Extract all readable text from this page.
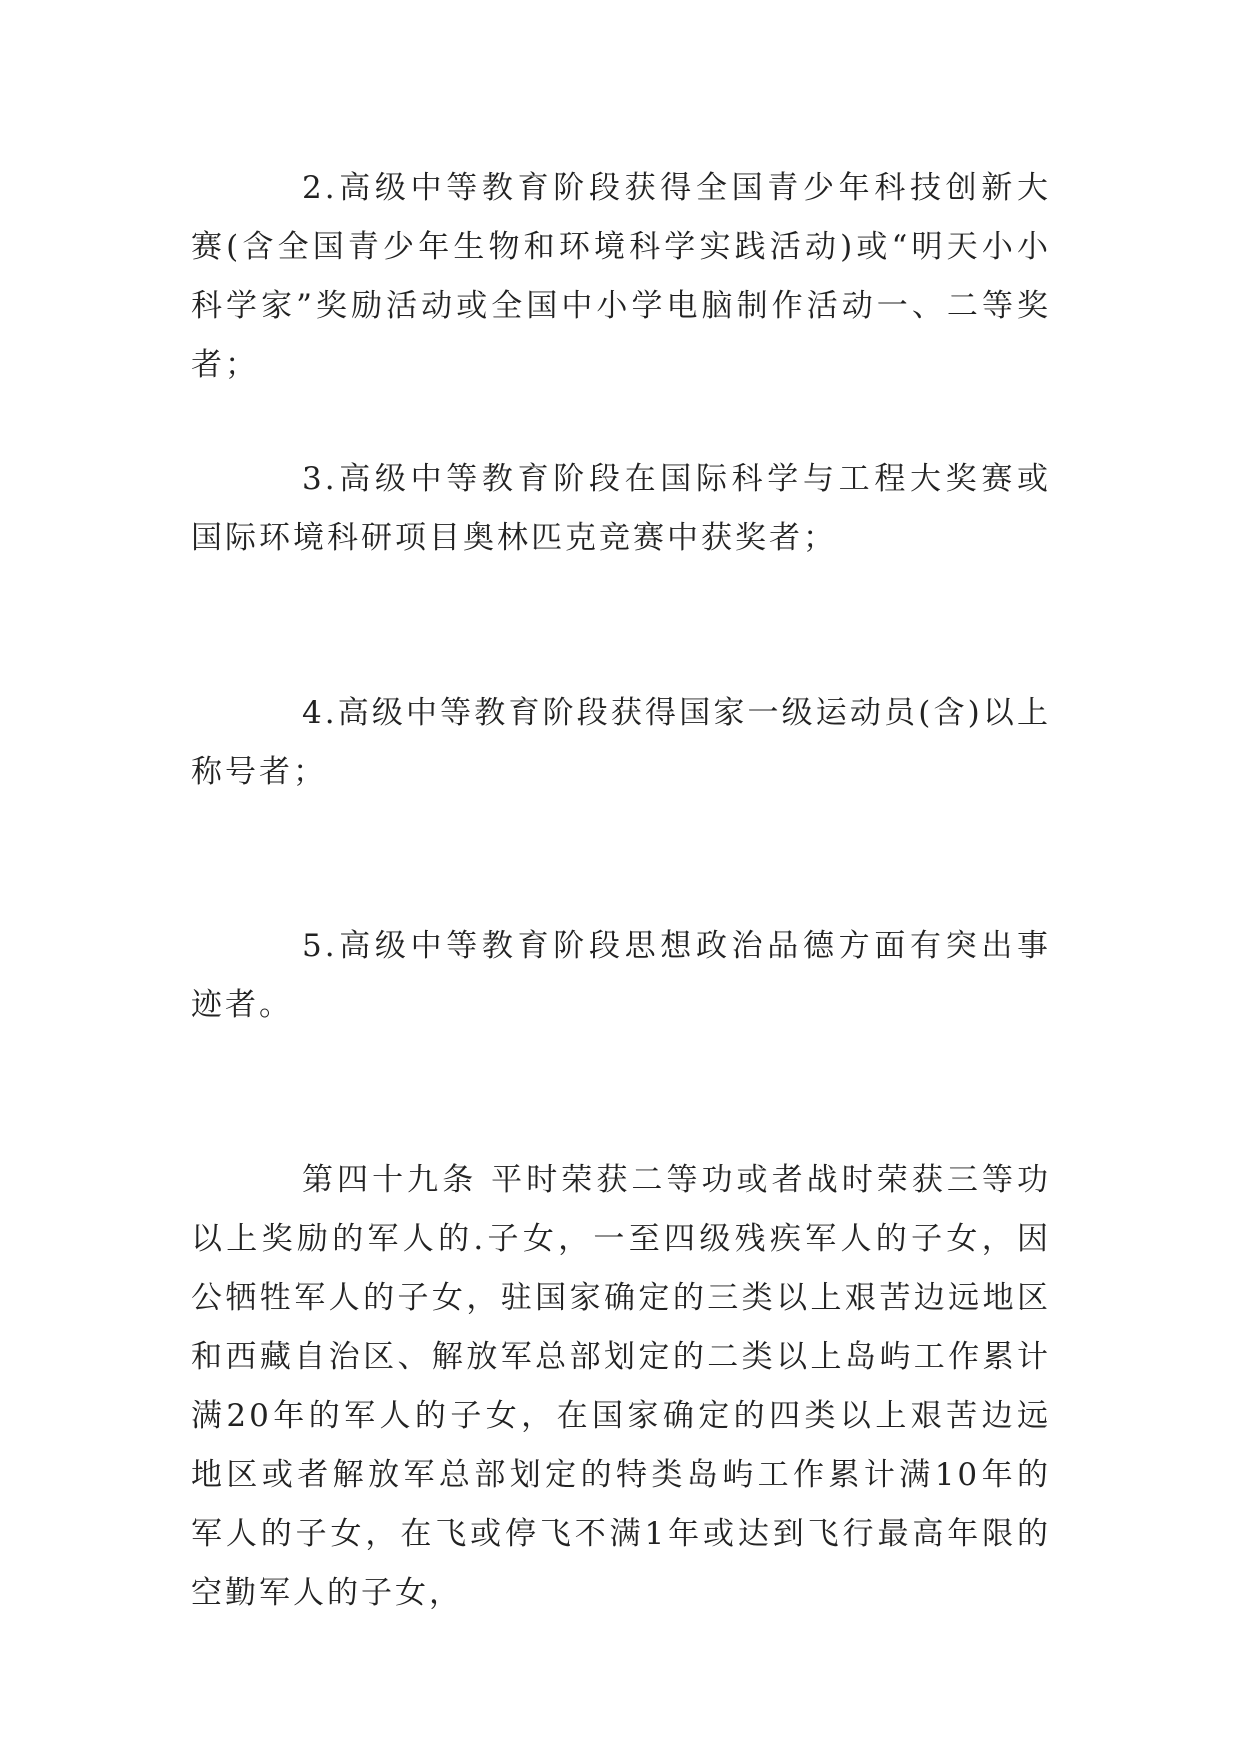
2.高级中等教育阶段获得全国青少年科技创新大赛(含全国青少年生物和环境科学实践活动)或“明天小小科学家”奖励活动或全国中小学电脑制作活动一、二等奖者；

3.高级中等教育阶段在国际科学与工程大奖赛或国际环境科研项目奥林匹克竞赛中获奖者；

4.高级中等教育阶段获得国家一级运动员(含)以上称号者；

5.高级中等教育阶段思想政治品德方面有突出事迹者。

第四十九条 平时荣获二等功或者战时荣获三等功以上奖励的军人的.子女，一至四级残疾军人的子女，因公牺牲军人的子女，驻国家确定的三类以上艰苦边远地区和西藏自治区、解放军总部划定的二类以上岛屿工作累计满20年的军人的子女，在国家确定的四类以上艰苦边远地区或者解放军总部划定的特类岛屿工作累计满10年的军人的子女，在飞或停飞不满1年或达到飞行最高年限的空勤军人的子女，
